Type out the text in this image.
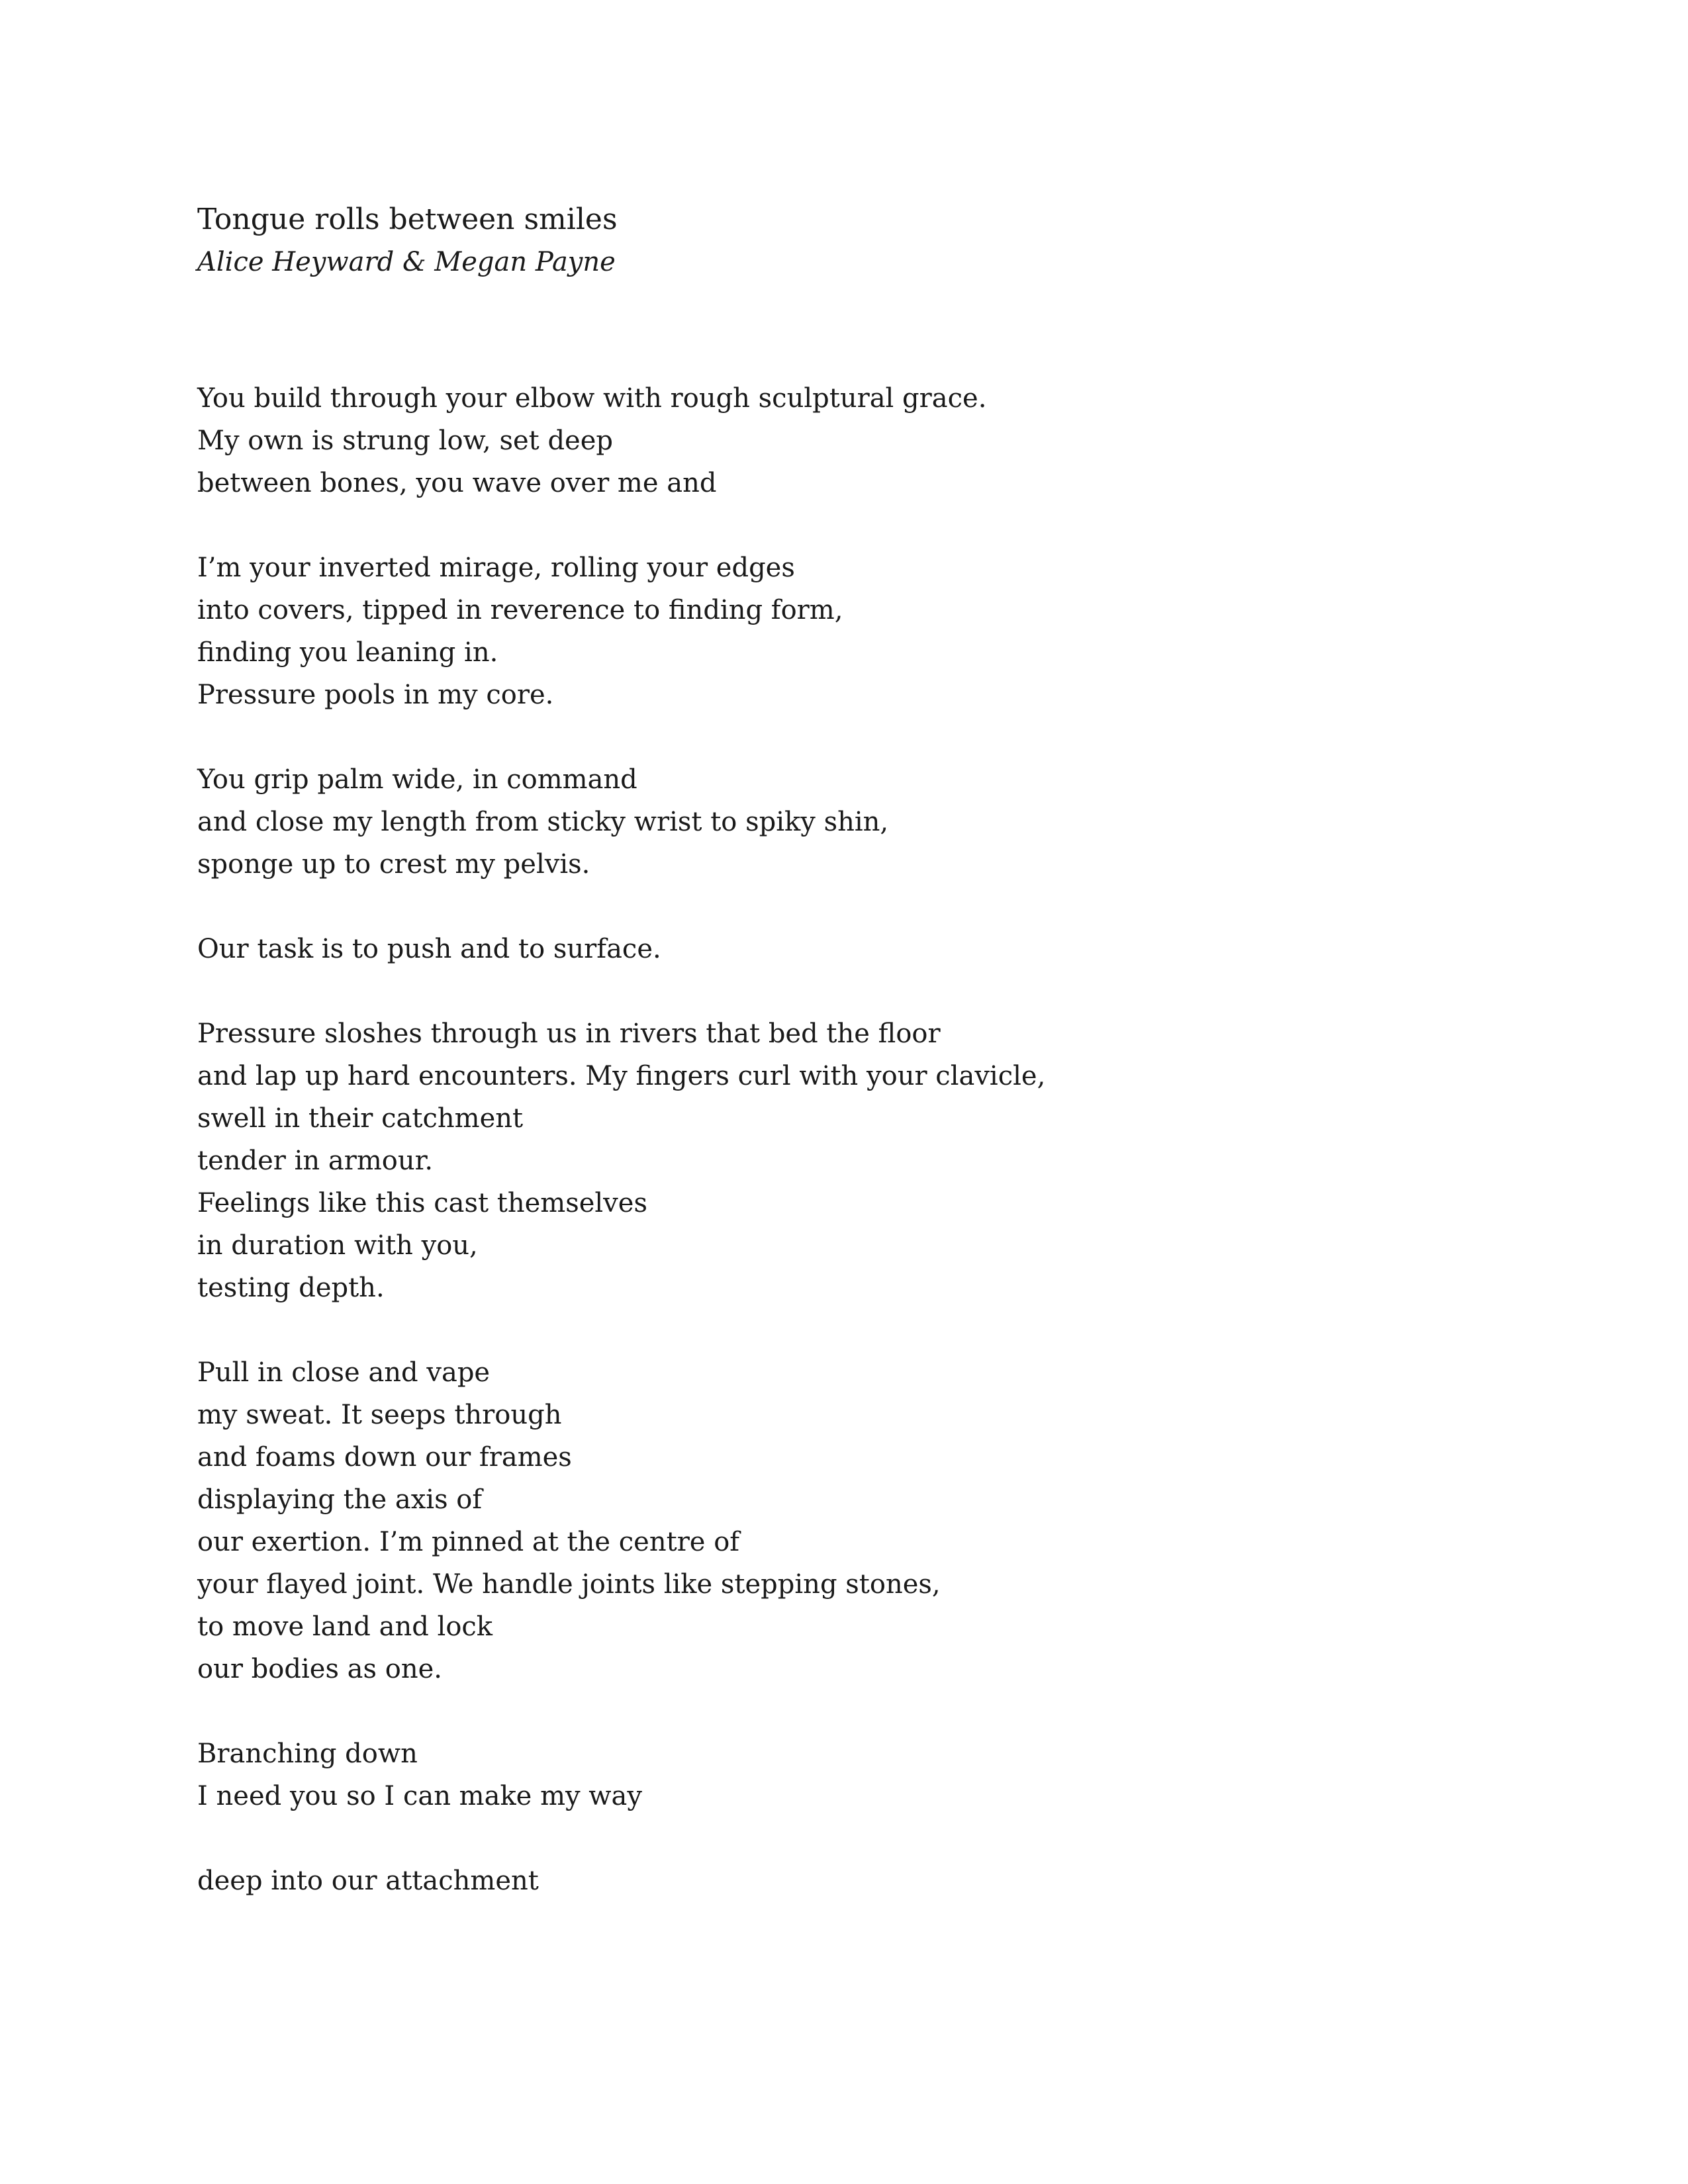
Tongue rolls between smiles

Alice Heyward & Megan Payne

You build through your elbow with rough sculptural grace.
My own is strung low, set deep
between bones, you wave over me and
I’m your inverted mirage, rolling your edges
into covers, tipped in reverence to finding form,
finding you leaning in.
Pressure pools in my core.
You grip palm wide, in command
and close my length from sticky wrist to spiky shin,
sponge up to crest my pelvis.
Our task is to push and to surface.
Pressure sloshes through us in rivers that bed the floor
and lap up hard encounters. My fingers curl with your clavicle,
swell in their catchment
tender in armour.
Feelings like this cast themselves
in duration with you,
testing depth.
Pull in close and vape
my sweat. It seeps through
and foams down our frames
displaying the axis of
our exertion. I’m pinned at the centre of
your flayed joint. We handle joints like stepping stones,
to move land and lock
our bodies as one.
Branching down
I need you so I can make my way
deep into our attachment
